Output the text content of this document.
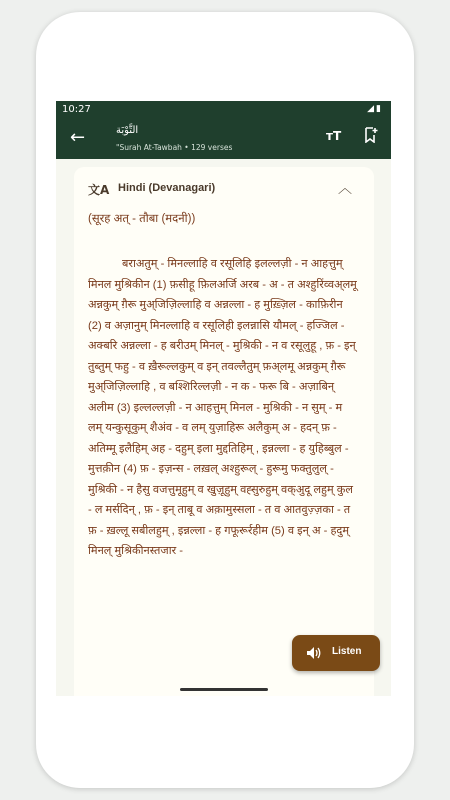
10:27	◢▮
←	التَّوْبَة
"Surah At-Tawbah • 129 verses
ᴛT
文A Hindi (Devanagari)	︿
(सूरह अत् - तौबा (मदनी))
बराअतुम् - मिनल्लाहि व रसूलिहि इलल्लज़ी - न आहत्तुम् मिनल मुश्रिकीन (1) फ़सीहू फ़िलअर्जि अरब - अ - त अश्हुरिंव्वअ्लमू अन्नकुम् ग़ैरू मुअ्जिज़िल्लाहि व अन्नल्ला - ह मुख़्ज़िल - काफ़िरीन (2) व अज़ानुम् मिनल्लाहि व रसूलिही इलन्नासि यौमल् - हज्जिल - अक्बरि अन्नल्ला - ह बरीउम् मिनल् - मुश्रिकी - न व रसूलुहू , फ़ - इन् तुब्तुम् फहु - व ख़ैरूल्लकुम् व इन् तवल्लैतुम् फ़अ्लमू अन्नकुम् ग़ैरू मुअ्जिज़िल्लाहि , व बश्शिरिल्लज़ी - न क - फरू बि - अज़ाबिन् अलीम (3) इल्लल्लज़ी - न आहत्तुम् मिनल - मुश्रिकी - न सुम् - म लम् यन्कुसूकुम् शैअंव - व लम् युज़ाहिरू अलैकुम् अ - हदन् फ़ - अतिम्मू इलैहिम् अह - दहुम् इला मुद्दतिहिम् , इन्नल्ला - ह युहिब्बुल - मुत्तक़ीन (4) फ़ - इज़न्स - लख़ल् अश्हुरूल् - हुरूमु फक्तुलुल् - मुश्रिकी - न हैसु वजत्तुमूहुम् व खुज़ूहुम् वह्सुरुहुम् वक्अुदू लहुम् कुल - ल मर्सदिन् , फ़ - इन् ताबू व अक़ामुस्सला - त व आतवुज़्ज़का - त फ़ - ख़ल्लू सबीलहुम् , इन्नल्ला - ह गफूरूर्रहीम (5) व इन् अ - हदुम् मिनल् मुश्रिकीनस्तजार -
Listen
